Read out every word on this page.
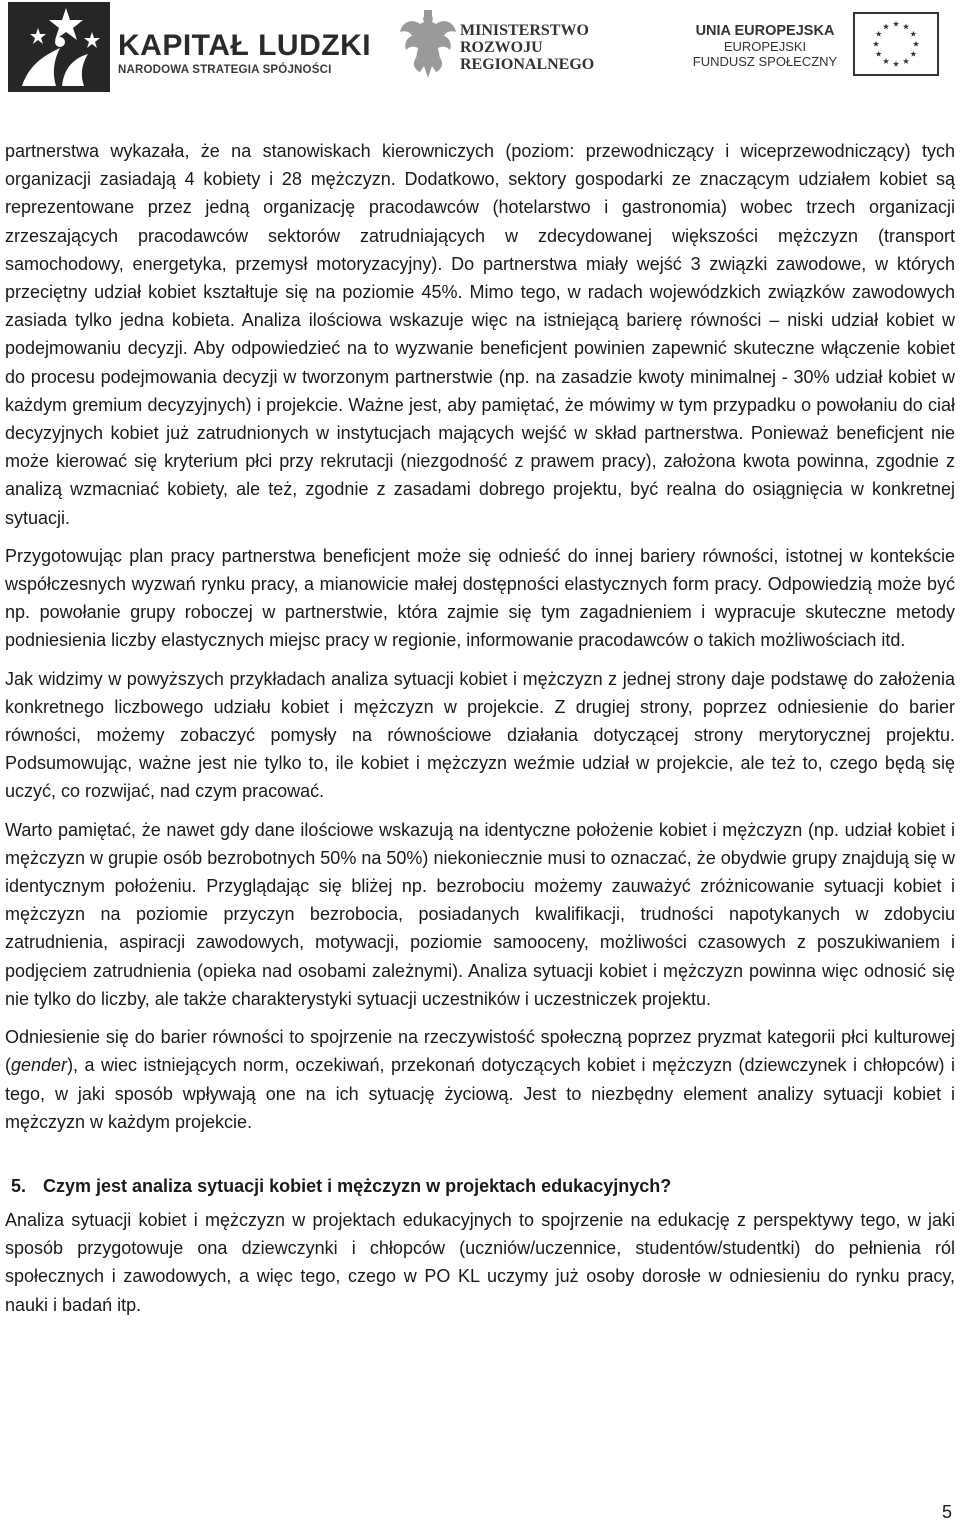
KAPITAŁ LUDZKI
NARODOWA STRATEGIA SPÓJNOŚCI
MINISTERSTWO
ROZWOJU
REGIONALNEGO
UNIA EUROPEJSKA
EUROPEJSKI
FUNDUSZ SPOŁECZNY

partnerstwa wykazała, że na stanowiskach kierowniczych (poziom: przewodniczący i wiceprzewodniczący) tych organizacji zasiadają 4 kobiety i 28 mężczyzn. Dodatkowo, sektory gospodarki ze znaczącym udziałem kobiet są reprezentowane przez jedną organizację pracodawców (hotelarstwo i gastronomia) wobec trzech organizacji zrzeszających pracodawców sektorów zatrudniających w zdecydowanej większości mężczyzn (transport samochodowy, energetyka, przemysł motoryzacyjny). Do partnerstwa miały wejść 3 związki zawodowe, w których przeciętny udział kobiet kształtuje się na poziomie 45%. Mimo tego, w radach wojewódzkich związków zawodowych zasiada tylko jedna kobieta. Analiza ilościowa wskazuje więc na istniejącą barierę równości – niski udział kobiet w podejmowaniu decyzji. Aby odpowiedzieć na to wyzwanie beneficjent powinien zapewnić skuteczne włączenie kobiet do procesu podejmowania decyzji w tworzonym partnerstwie (np. na zasadzie kwoty minimalnej - 30% udział kobiet w każdym gremium decyzyjnych) i projekcie. Ważne jest, aby pamiętać, że mówimy w tym przypadku o powołaniu do ciał decyzyjnych kobiet już zatrudnionych w instytucjach mających wejść w skład partnerstwa. Ponieważ beneficjent nie może kierować się kryterium płci przy rekrutacji (niezgodność z prawem pracy), założona kwota powinna, zgodnie z analizą wzmacniać kobiety, ale też, zgodnie z zasadami dobrego projektu, być realna do osiągnięcia w konkretnej sytuacji.

Przygotowując plan pracy partnerstwa beneficjent może się odnieść do innej bariery równości, istotnej w kontekście współczesnych wyzwań rynku pracy, a mianowicie małej dostępności elastycznych form pracy. Odpowiedzią może być np. powołanie grupy roboczej w partnerstwie, która zajmie się tym zagadnieniem i wypracuje skuteczne metody podniesienia liczby elastycznych miejsc pracy w regionie, informowanie pracodawców o takich możliwościach itd.

Jak widzimy w powyższych przykładach analiza sytuacji kobiet i mężczyzn z jednej strony daje podstawę do założenia konkretnego liczbowego udziału kobiet i mężczyzn w projekcie. Z drugiej strony, poprzez odniesienie do barier równości, możemy zobaczyć pomysły na równościowe działania dotyczącej strony merytorycznej projektu. Podsumowując, ważne jest nie tylko to, ile kobiet i mężczyzn weźmie udział w projekcie, ale też to, czego będą się uczyć, co rozwijać, nad czym pracować.

Warto pamiętać, że nawet gdy dane ilościowe wskazują na identyczne położenie kobiet i mężczyzn (np. udział kobiet i mężczyzn w grupie osób bezrobotnych 50% na 50%) niekoniecznie musi to oznaczać, że obydwie grupy znajdują się w identycznym położeniu. Przyglądając się bliżej np. bezrobociu możemy zauważyć zróżnicowanie sytuacji kobiet i mężczyzn na poziomie przyczyn bezrobocia, posiadanych kwalifikacji, trudności napotykanych w zdobyciu zatrudnienia, aspiracji zawodowych, motywacji, poziomie samooceny, możliwości czasowych z poszukiwaniem i podjęciem zatrudnienia (opieka nad osobami zależnymi). Analiza sytuacji kobiet i mężczyzn powinna więc odnosić się nie tylko do liczby, ale także charakterystyki sytuacji uczestników i uczestniczek projektu.

Odniesienie się do barier równości to spojrzenie na rzeczywistość społeczną poprzez pryzmat kategorii płci kulturowej (gender), a wiec istniejących norm, oczekiwań, przekonań dotyczących kobiet i mężczyzn (dziewczynek i chłopców) i tego, w jaki sposób wpływają one na ich sytuację życiową. Jest to niezbędny element analizy sytuacji kobiet i mężczyzn w każdym projekcie.

5. Czym jest analiza sytuacji kobiet i mężczyzn w projektach edukacyjnych?

Analiza sytuacji kobiet i mężczyzn w projektach edukacyjnych to spojrzenie na edukację z perspektywy tego, w jaki sposób przygotowuje ona dziewczynki i chłopców (uczniów/uczennice, studentów/studentki) do pełnienia ról społecznych i zawodowych, a więc tego, czego w PO KL uczymy już osoby dorosłe w odniesieniu do rynku pracy, nauki i badań itp.

5
